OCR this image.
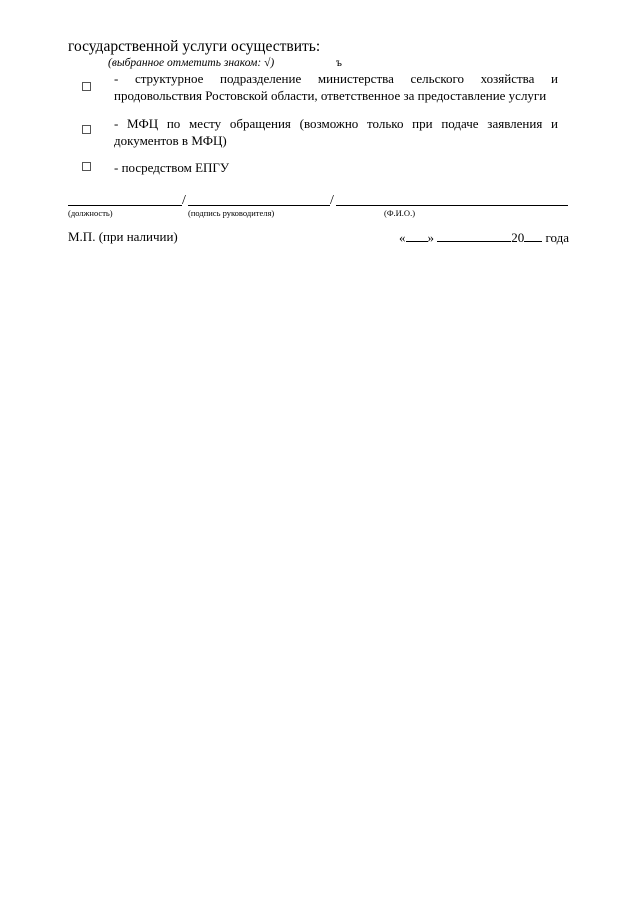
государственной услуги осуществить:
(выбранное отметить знаком: √)	ъ
- структурное подразделение министерства сельского хозяйства и продовольствия Ростовской области, ответственное за предоставление услуги
- МФЦ по месту обращения (возможно только при подаче заявления и документов в МФЦ)
- посредством ЕПГУ
/	/
(должность)	(подпись руководителя)	(Ф.И.О.)
М.П. (при наличии)	« »	20 года
